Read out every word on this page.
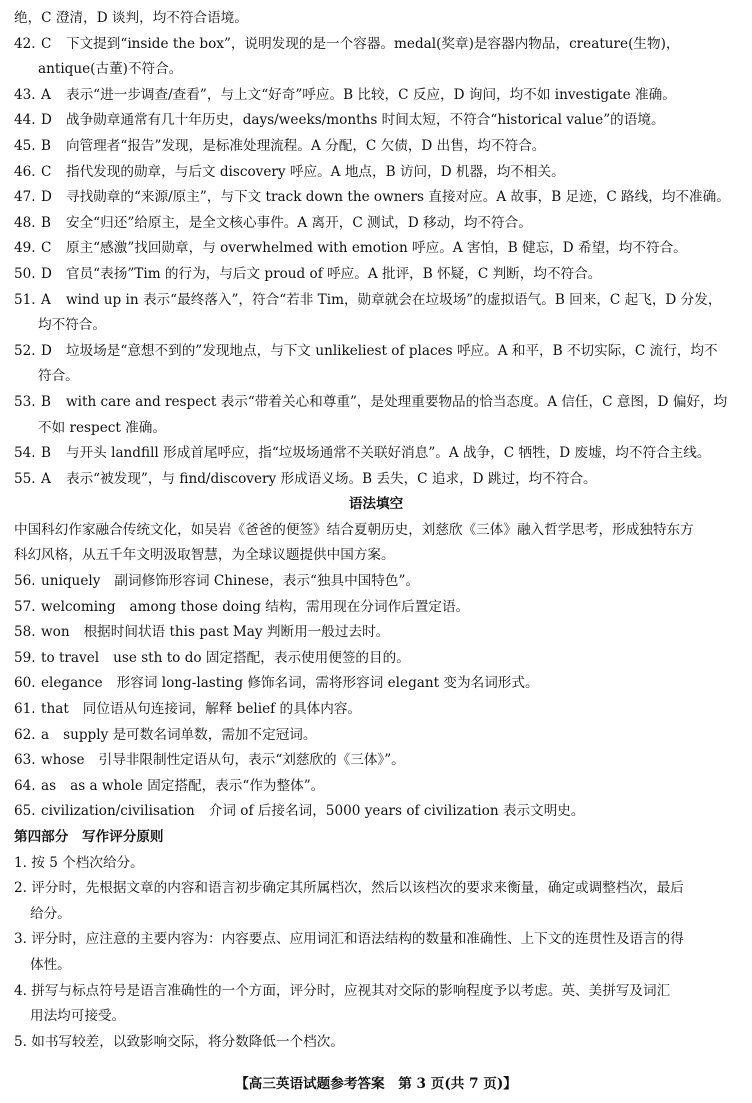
绝，C 澄清，D 谈判，均不符合语境。
42. C 下文提到“inside the box”，说明发现的是一个容器。medal(奖章)是容器内物品，creature(生物)，
antique(古董)不符合。
43. A 表示“进一步调查/查看”，与上文“好奇”呼应。B 比较，C 反应，D 询问，均不如 investigate 准确。
44. D 战争勋章通常有几十年历史，days/weeks/months 时间太短，不符合“historical value”的语境。
45. B 向管理者“报告”发现，是标准处理流程。A 分配，C 欠债，D 出售，均不符合。
46. C 指代发现的勋章，与后文 discovery 呼应。A 地点，B 访问，D 机器，均不相关。
47. D 寻找勋章的“来源/原主”，与下文 track down the owners 直接对应。A 故事，B 足迹，C 路线，均不准确。
48. B 安全“归还”给原主，是全文核心事件。A 离开，C 测试，D 移动，均不符合。
49. C 原主“感激”找回勋章，与 overwhelmed with emotion 呼应。A 害怕，B 健忘，D 希望，均不符合。
50. D 官员“表扬”Tim 的行为，与后文 proud of 呼应。A 批评，B 怀疑，C 判断，均不符合。
51. A wind up in 表示“最终落入”，符合“若非 Tim，勋章就会在垃圾场”的虚拟语气。B 回来，C 起飞，D 分发，
均不符合。
52. D 垃圾场是“意想不到的”发现地点，与下文 unlikeliest of places 呼应。A 和平，B 不切实际，C 流行，均不
符合。
53. B with care and respect 表示“带着关心和尊重”，是处理重要物品的恰当态度。A 信任，C 意图，D 偏好，均
不如 respect 准确。
54. B 与开头 landfill 形成首尾呼应，指“垃圾场通常不关联好消息”。A 战争，C 牺牲，D 废墟，均不符合主线。
55. A 表示“被发现”，与 find/discovery 形成语义场。B 丢失，C 追求，D 跳过，均不符合。
语法填空
中国科幻作家融合传统文化，如吴岩《爸爸的便签》结合夏朝历史，刘慈欣《三体》融入哲学思考，形成独特东方
科幻风格，从五千年文明汲取智慧，为全球议题提供中国方案。
56. uniquely 副词修饰形容词 Chinese，表示“独具中国特色”。
57. welcoming among those doing 结构，需用现在分词作后置定语。
58. won 根据时间状语 this past May 判断用一般过去时。
59. to travel use sth to do 固定搭配，表示使用便签的目的。
60. elegance 形容词 long-lasting 修饰名词，需将形容词 elegant 变为名词形式。
61. that 同位语从句连接词，解释 belief 的具体内容。
62. a supply 是可数名词单数，需加不定冠词。
63. whose 引导非限制性定语从句，表示“刘慈欣的《三体》”。
64. as as a whole 固定搭配，表示“作为整体”。
65. civilization/civilisation 介词 of 后接名词，5000 years of civilization 表示文明史。
第四部分　写作评分原则
1. 按 5 个档次给分。
2. 评分时，先根据文章的内容和语言初步确定其所属档次，然后以该档次的要求来衡量，确定或调整档次，最后
给分。
3. 评分时，应注意的主要内容为：内容要点、应用词汇和语法结构的数量和准确性、上下文的连贯性及语言的得
体性。
4. 拼写与标点符号是语言准确性的一个方面，评分时，应视其对交际的影响程度予以考虑。英、美拼写及词汇
用法均可接受。
5. 如书写较差，以致影响交际，将分数降低一个档次。
【高三英语试题参考答案　第 3 页(共 7 页)】
